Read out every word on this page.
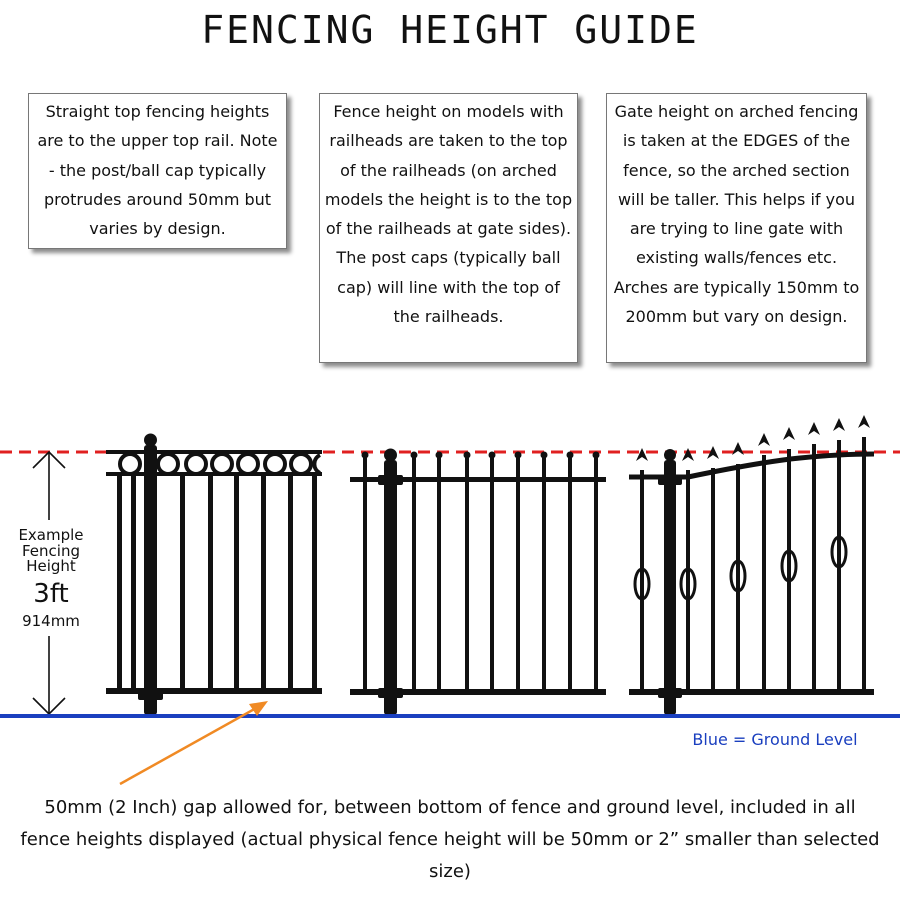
FENCING HEIGHT GUIDE
Straight top fencing heights are to the upper top rail. Note - the post/ball cap typically protrudes around 50mm but varies by design.
Fence height on models with railheads are taken to the top of the railheads (on arched models the height is to the top of the railheads at gate sides). The post caps (typically ball cap) will line with the top of the railheads.
Gate height on arched fencing is taken at the EDGES of the fence, so the arched section will be taller. This helps if you are trying to line gate with existing walls/fences etc. Arches are typically 150mm to 200mm but vary on design.
Example Fencing Height
3ft
914mm
Blue = Ground Level
50mm (2 Inch) gap allowed for, between bottom of fence and ground level, included in all fence heights displayed (actual physical fence height will be 50mm or 2” smaller than selected size)
